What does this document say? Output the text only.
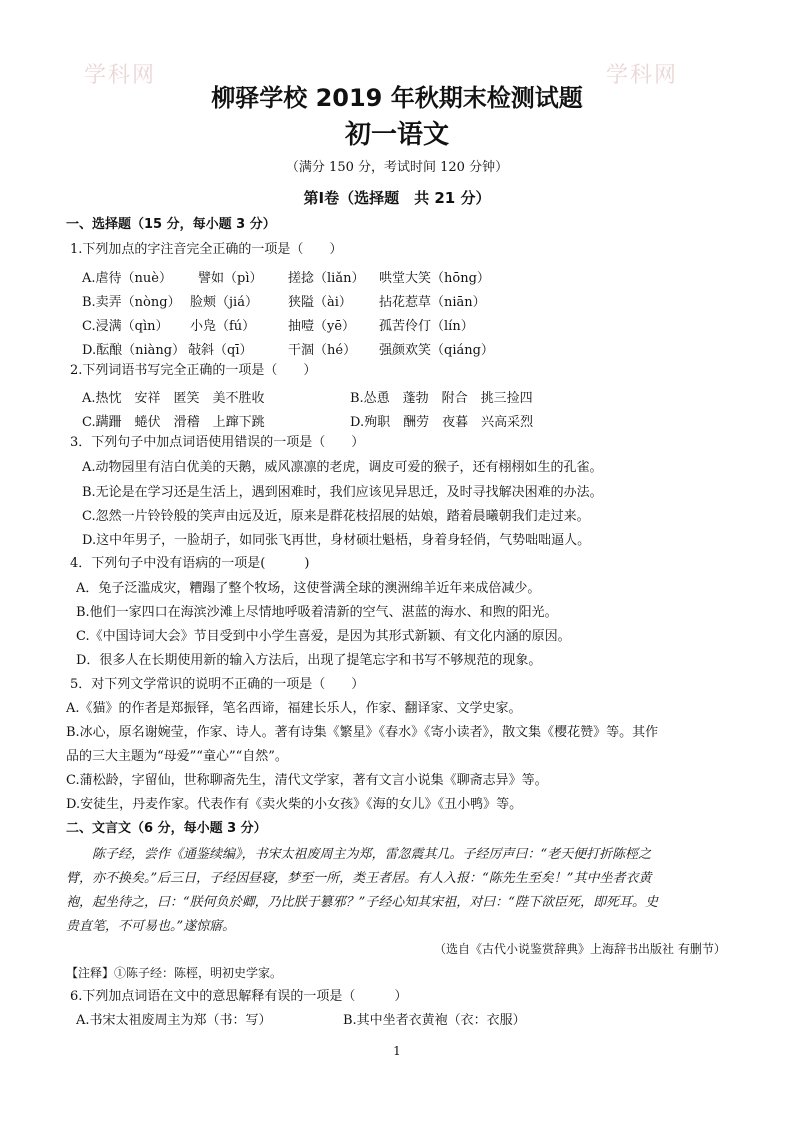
学科网	学科网
柳驿学校 2019 年秋期末检测试题
初一语文
（满分 150 分，考试时间 120 分钟）
第Ⅰ卷（选择题　共 21 分）
一、选择题（15 分，每小题 3 分）
1.下列加点的字注音完全正确的一项是（　　）
A.虐待（nuè） 譬如（pì） 搓捻（liǎn） 哄堂大笑（hōng）
B.卖弄（nòng） 脸颊（jiá） 狭隘（ài） 拈花惹草（niān）
C.浸满（qìn） 小凫（fú）	抽噎（yē） 孤苦伶仃（lín）
D.酝酿（niàng） 敧斜（qī）	干涸（hé） 强颜欢笑（qiáng）
2.下列词语书写完全正确的一项是（　　）
A.热忱　安祥　匿笑　美不胜收	B.怂恿　蓬勃　附合　挑三捡四
C.蹒跚　蜷伏　滑稽　上蹿下跳	D.殉职　酬劳　夜暮　兴高采烈
3．下列句子中加点词语使用错误的一项是（　　）
A.动物园里有洁白优美的天鹅，威风凛凛的老虎，调皮可爱的猴子，还有栩栩如生的孔雀。
B.无论是在学习还是生活上，遇到困难时，我们应该见异思迁，及时寻找解决困难的办法。
C.忽然一片铃铃般的笑声由远及近，原来是群花枝招展的姑娘，踏着晨曦朝我们走过来。
D.这中年男子，一脸胡子，如同张飞再世，身材硕壮魁梧，身着身轻俏，气势咄咄逼人。
4．下列句子中没有语病的一项是(　　　)
A．兔子泛滥成灾，糟蹋了整个牧场，这使誉满全球的澳洲绵羊近年来成倍减少。
B.他们一家四口在海滨沙滩上尽情地呼吸着清新的空气、湛蓝的海水、和煦的阳光。
C.《中国诗词大会》节目受到中小学生喜爱，是因为其形式新颖、有文化内涵的原因。
D．很多人在长期使用新的输入方法后，出现了提笔忘字和书写不够规范的现象。
5．对下列文学常识的说明不正确的一项是（　　）
A.《猫》的作者是郑振铎，笔名西谛，福建长乐人，作家、翻译家、文学史家。
B.冰心，原名谢婉莹，作家、诗人。著有诗集《繁星》《春水》《寄小读者》，散文集《樱花赞》等。其作
品的三大主题为“母爱”“童心”“自然”。
C.蒲松龄，字留仙，世称聊斋先生，清代文学家，著有文言小说集《聊斋志异》等。
D.安徒生，丹麦作家。代表作有《卖火柴的小女孩》《海的女儿》《丑小鸭》等。
二、文言文（6 分，每小题 3 分）
陈子经，尝作《通鉴续编》，书宋太祖废周主为郑，雷忽震其几。子经厉声曰：“老天便打折陈桱之
臂，亦不换矣。”后三日，子经因昼寝，梦至一所，类王者居。有人入报：“陈先生至矣！”其中坐者衣黄
袍，起坐待之，曰：“朕何负於卿，乃比朕于篡邪？”子经心知其宋祖，对曰：“陛下欲臣死，即死耳。史
贵直笔，不可易也。”遂惊寤。
（选自《古代小说鉴赏辞典》上海辞书出版社 有删节）
【注释】①陈子经：陈桱，明初史学家。
6.下列加点词语在文中的意思解释有误的一项是（　　　）
A.书宋太祖废周主为郑（书：写）	B.其中坐者衣黄袍（衣：衣服）
1
